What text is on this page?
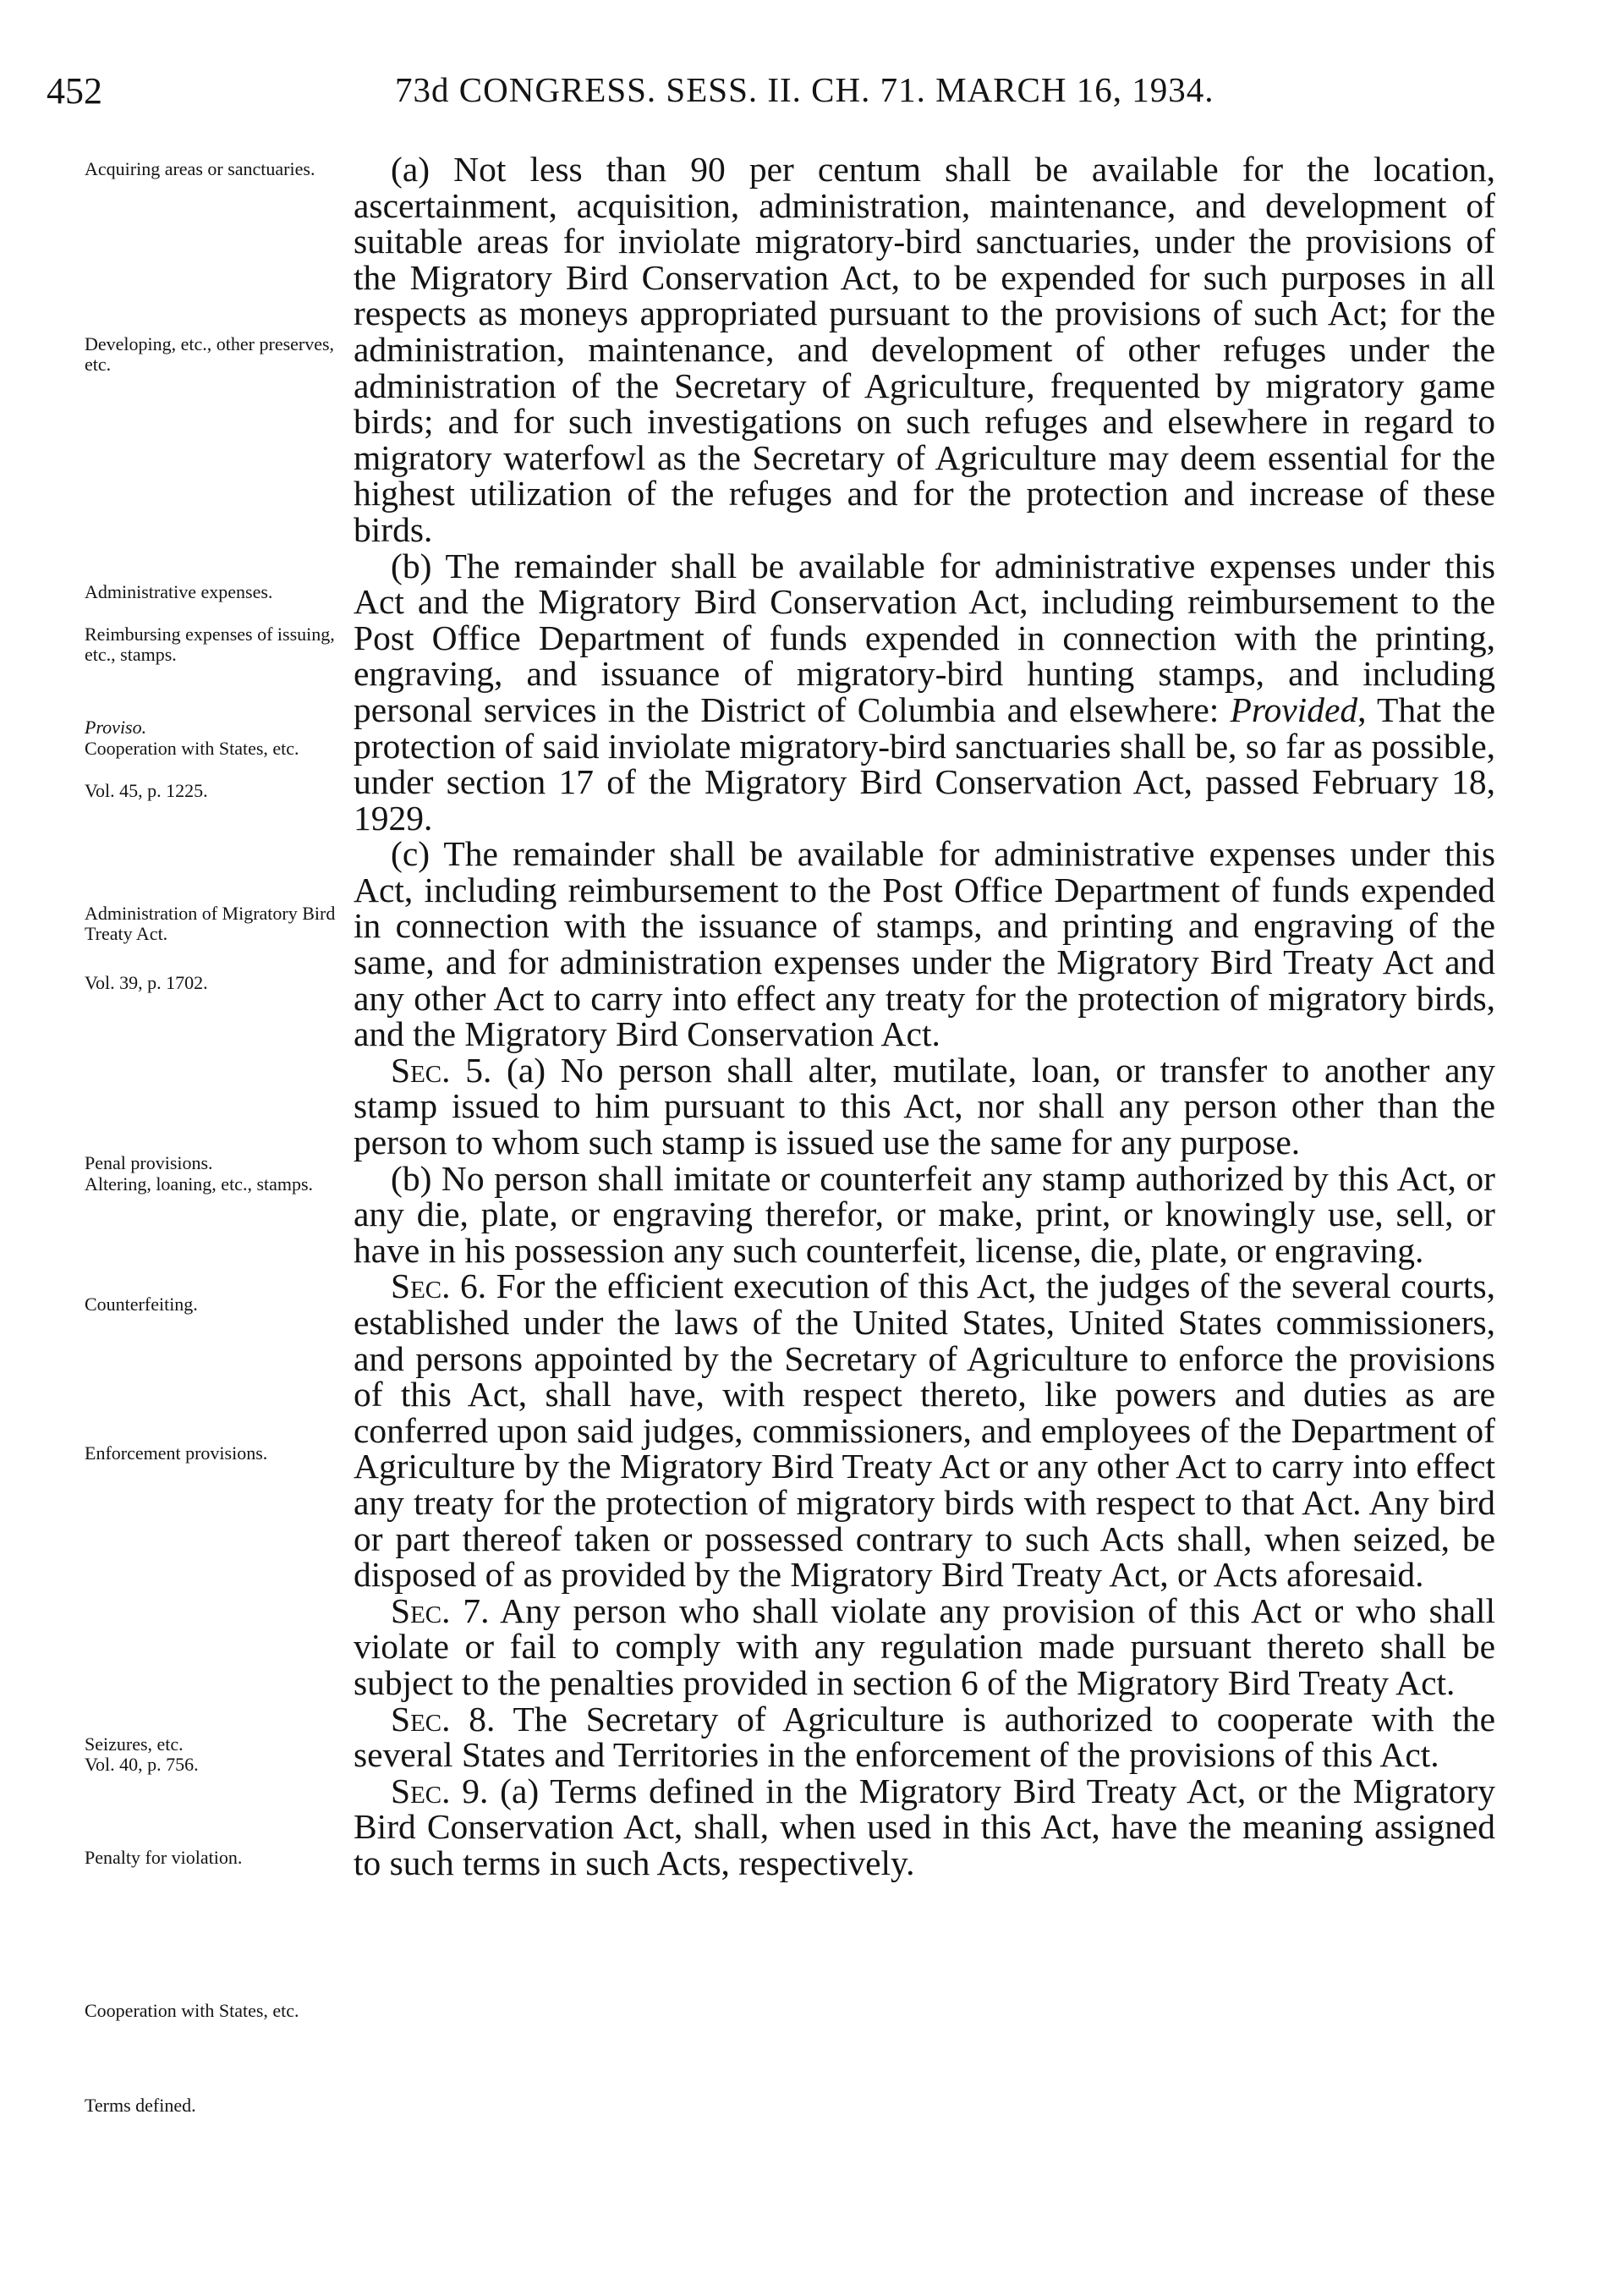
452	73d CONGRESS. SESS. II. CH. 71. MARCH 16, 1934.
Acquiring areas or sanctuaries.
Developing, etc., other preserves, etc.
Administrative expenses.
Reimbursing expenses of issuing, etc., stamps.
Proviso.
Cooperation with States, etc.
Vol. 45, p. 1225.
Administration of Migratory Bird Treaty Act.
Vol. 39, p. 1702.
Penal provisions.
Altering, loaning, etc., stamps.
Counterfeiting.
Enforcement provisions.
Seizures, etc.
Vol. 40, p. 756.
Penalty for violation.
Cooperation with States, etc.
Terms defined.

(a) Not less than 90 per centum shall be available for the location, ascertainment, acquisition, administration, maintenance, and development of suitable areas for inviolate migratory-bird sanctuaries, under the provisions of the Migratory Bird Conservation Act, to be expended for such purposes in all respects as moneys appropriated pursuant to the provisions of such Act; for the administration, maintenance, and development of other refuges under the administration of the Secretary of Agriculture, frequented by migratory game birds; and for such investigations on such refuges and elsewhere in regard to migratory waterfowl as the Secretary of Agriculture may deem essential for the highest utilization of the refuges and for the protection and increase of these birds.

(b) The remainder shall be available for administrative expenses under this Act and the Migratory Bird Conservation Act, including reimbursement to the Post Office Department of funds expended in connection with the printing, engraving, and issuance of migratory-bird hunting stamps, and including personal services in the District of Columbia and elsewhere: Provided, That the protection of said inviolate migratory-bird sanctuaries shall be, so far as possible, under section 17 of the Migratory Bird Conservation Act, passed February 18, 1929.

(c) The remainder shall be available for administrative expenses under this Act, including reimbursement to the Post Office Department of funds expended in connection with the issuance of stamps, and printing and engraving of the same, and for administration expenses under the Migratory Bird Treaty Act and any other Act to carry into effect any treaty for the protection of migratory birds, and the Migratory Bird Conservation Act.

Sec. 5. (a) No person shall alter, mutilate, loan, or transfer to another any stamp issued to him pursuant to this Act, nor shall any person other than the person to whom such stamp is issued use the same for any purpose.

(b) No person shall imitate or counterfeit any stamp authorized by this Act, or any die, plate, or engraving therefor, or make, print, or knowingly use, sell, or have in his possession any such counterfeit, license, die, plate, or engraving.

Sec. 6. For the efficient execution of this Act, the judges of the several courts, established under the laws of the United States, United States commissioners, and persons appointed by the Secretary of Agriculture to enforce the provisions of this Act, shall have, with respect thereto, like powers and duties as are conferred upon said judges, commissioners, and employees of the Department of Agriculture by the Migratory Bird Treaty Act or any other Act to carry into effect any treaty for the protection of migratory birds with respect to that Act. Any bird or part thereof taken or possessed contrary to such Acts shall, when seized, be disposed of as provided by the Migratory Bird Treaty Act, or Acts aforesaid.

Sec. 7. Any person who shall violate any provision of this Act or who shall violate or fail to comply with any regulation made pursuant thereto shall be subject to the penalties provided in section 6 of the Migratory Bird Treaty Act.

Sec. 8. The Secretary of Agriculture is authorized to cooperate with the several States and Territories in the enforcement of the provisions of this Act.

Sec. 9. (a) Terms defined in the Migratory Bird Treaty Act, or the Migratory Bird Conservation Act, shall, when used in this Act, have the meaning assigned to such terms in such Acts, respectively.
